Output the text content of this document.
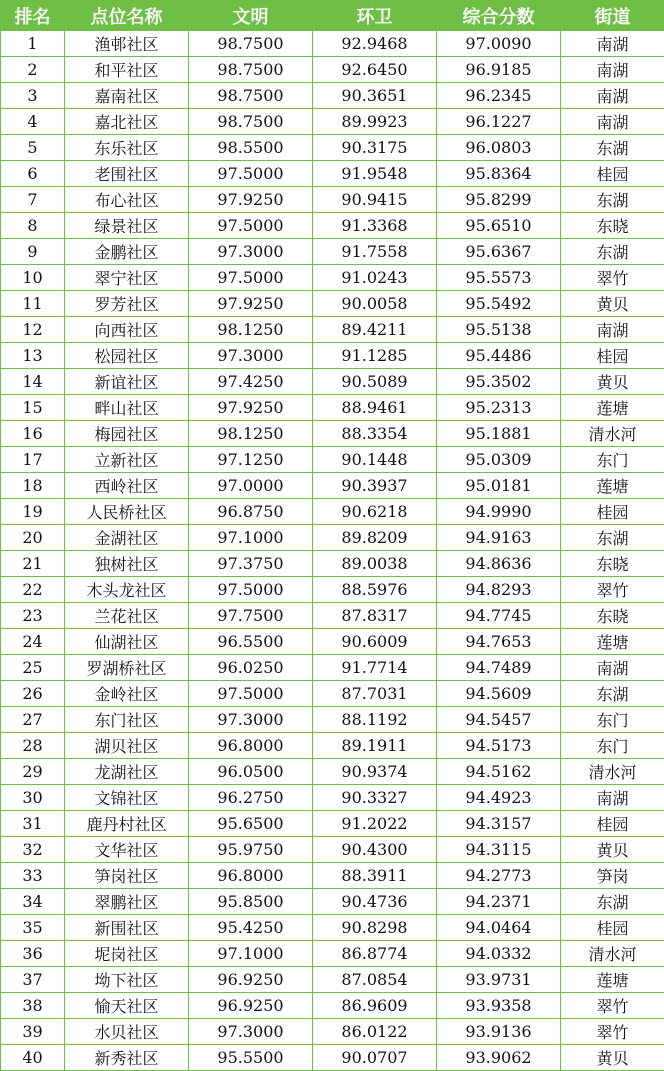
排名	点位名称	文明	环卫	综合分数	街道
1	渔邨社区	98.7500	92.9468	97.0090	南湖
2	和平社区	98.7500	92.6450	96.9185	南湖
3	嘉南社区	98.7500	90.3651	96.2345	南湖
4	嘉北社区	98.7500	89.9923	96.1227	南湖
5	东乐社区	98.5500	90.3175	96.0803	东湖
6	老围社区	97.5000	91.9548	95.8364	桂园
7	布心社区	97.9250	90.9415	95.8299	东湖
8	绿景社区	97.5000	91.3368	95.6510	东晓
9	金鹏社区	97.3000	91.7558	95.6367	东湖
10	翠宁社区	97.5000	91.0243	95.5573	翠竹
11	罗芳社区	97.9250	90.0058	95.5492	黄贝
12	向西社区	98.1250	89.4211	95.5138	南湖
13	松园社区	97.3000	91.1285	95.4486	桂园
14	新谊社区	97.4250	90.5089	95.3502	黄贝
15	畔山社区	97.9250	88.9461	95.2313	莲塘
16	梅园社区	98.1250	88.3354	95.1881	清水河
17	立新社区	97.1250	90.1448	95.0309	东门
18	西岭社区	97.0000	90.3937	95.0181	莲塘
19	人民桥社区	96.8750	90.6218	94.9990	桂园
20	金湖社区	97.1000	89.8209	94.9163	东湖
21	独树社区	97.3750	89.0038	94.8636	东晓
22	木头龙社区	97.5000	88.5976	94.8293	翠竹
23	兰花社区	97.7500	87.8317	94.7745	东晓
24	仙湖社区	96.5500	90.6009	94.7653	莲塘
25	罗湖桥社区	96.0250	91.7714	94.7489	南湖
26	金岭社区	97.5000	87.7031	94.5609	东湖
27	东门社区	97.3000	88.1192	94.5457	东门
28	湖贝社区	96.8000	89.1911	94.5173	东门
29	龙湖社区	96.0500	90.9374	94.5162	清水河
30	文锦社区	96.2750	90.3327	94.4923	南湖
31	鹿丹村社区	95.6500	91.2022	94.3157	桂园
32	文华社区	95.9750	90.4300	94.3115	黄贝
33	笋岗社区	96.8000	88.3911	94.2773	笋岗
34	翠鹏社区	95.8500	90.4736	94.2371	东湖
35	新围社区	95.4250	90.8298	94.0464	桂园
36	坭岗社区	97.1000	86.8774	94.0332	清水河
37	坳下社区	96.9250	87.0854	93.9731	莲塘
38	愉天社区	96.9250	86.9609	93.9358	翠竹
39	水贝社区	97.3000	86.0122	93.9136	翠竹
40	新秀社区	95.5500	90.0707	93.9062	黄贝
